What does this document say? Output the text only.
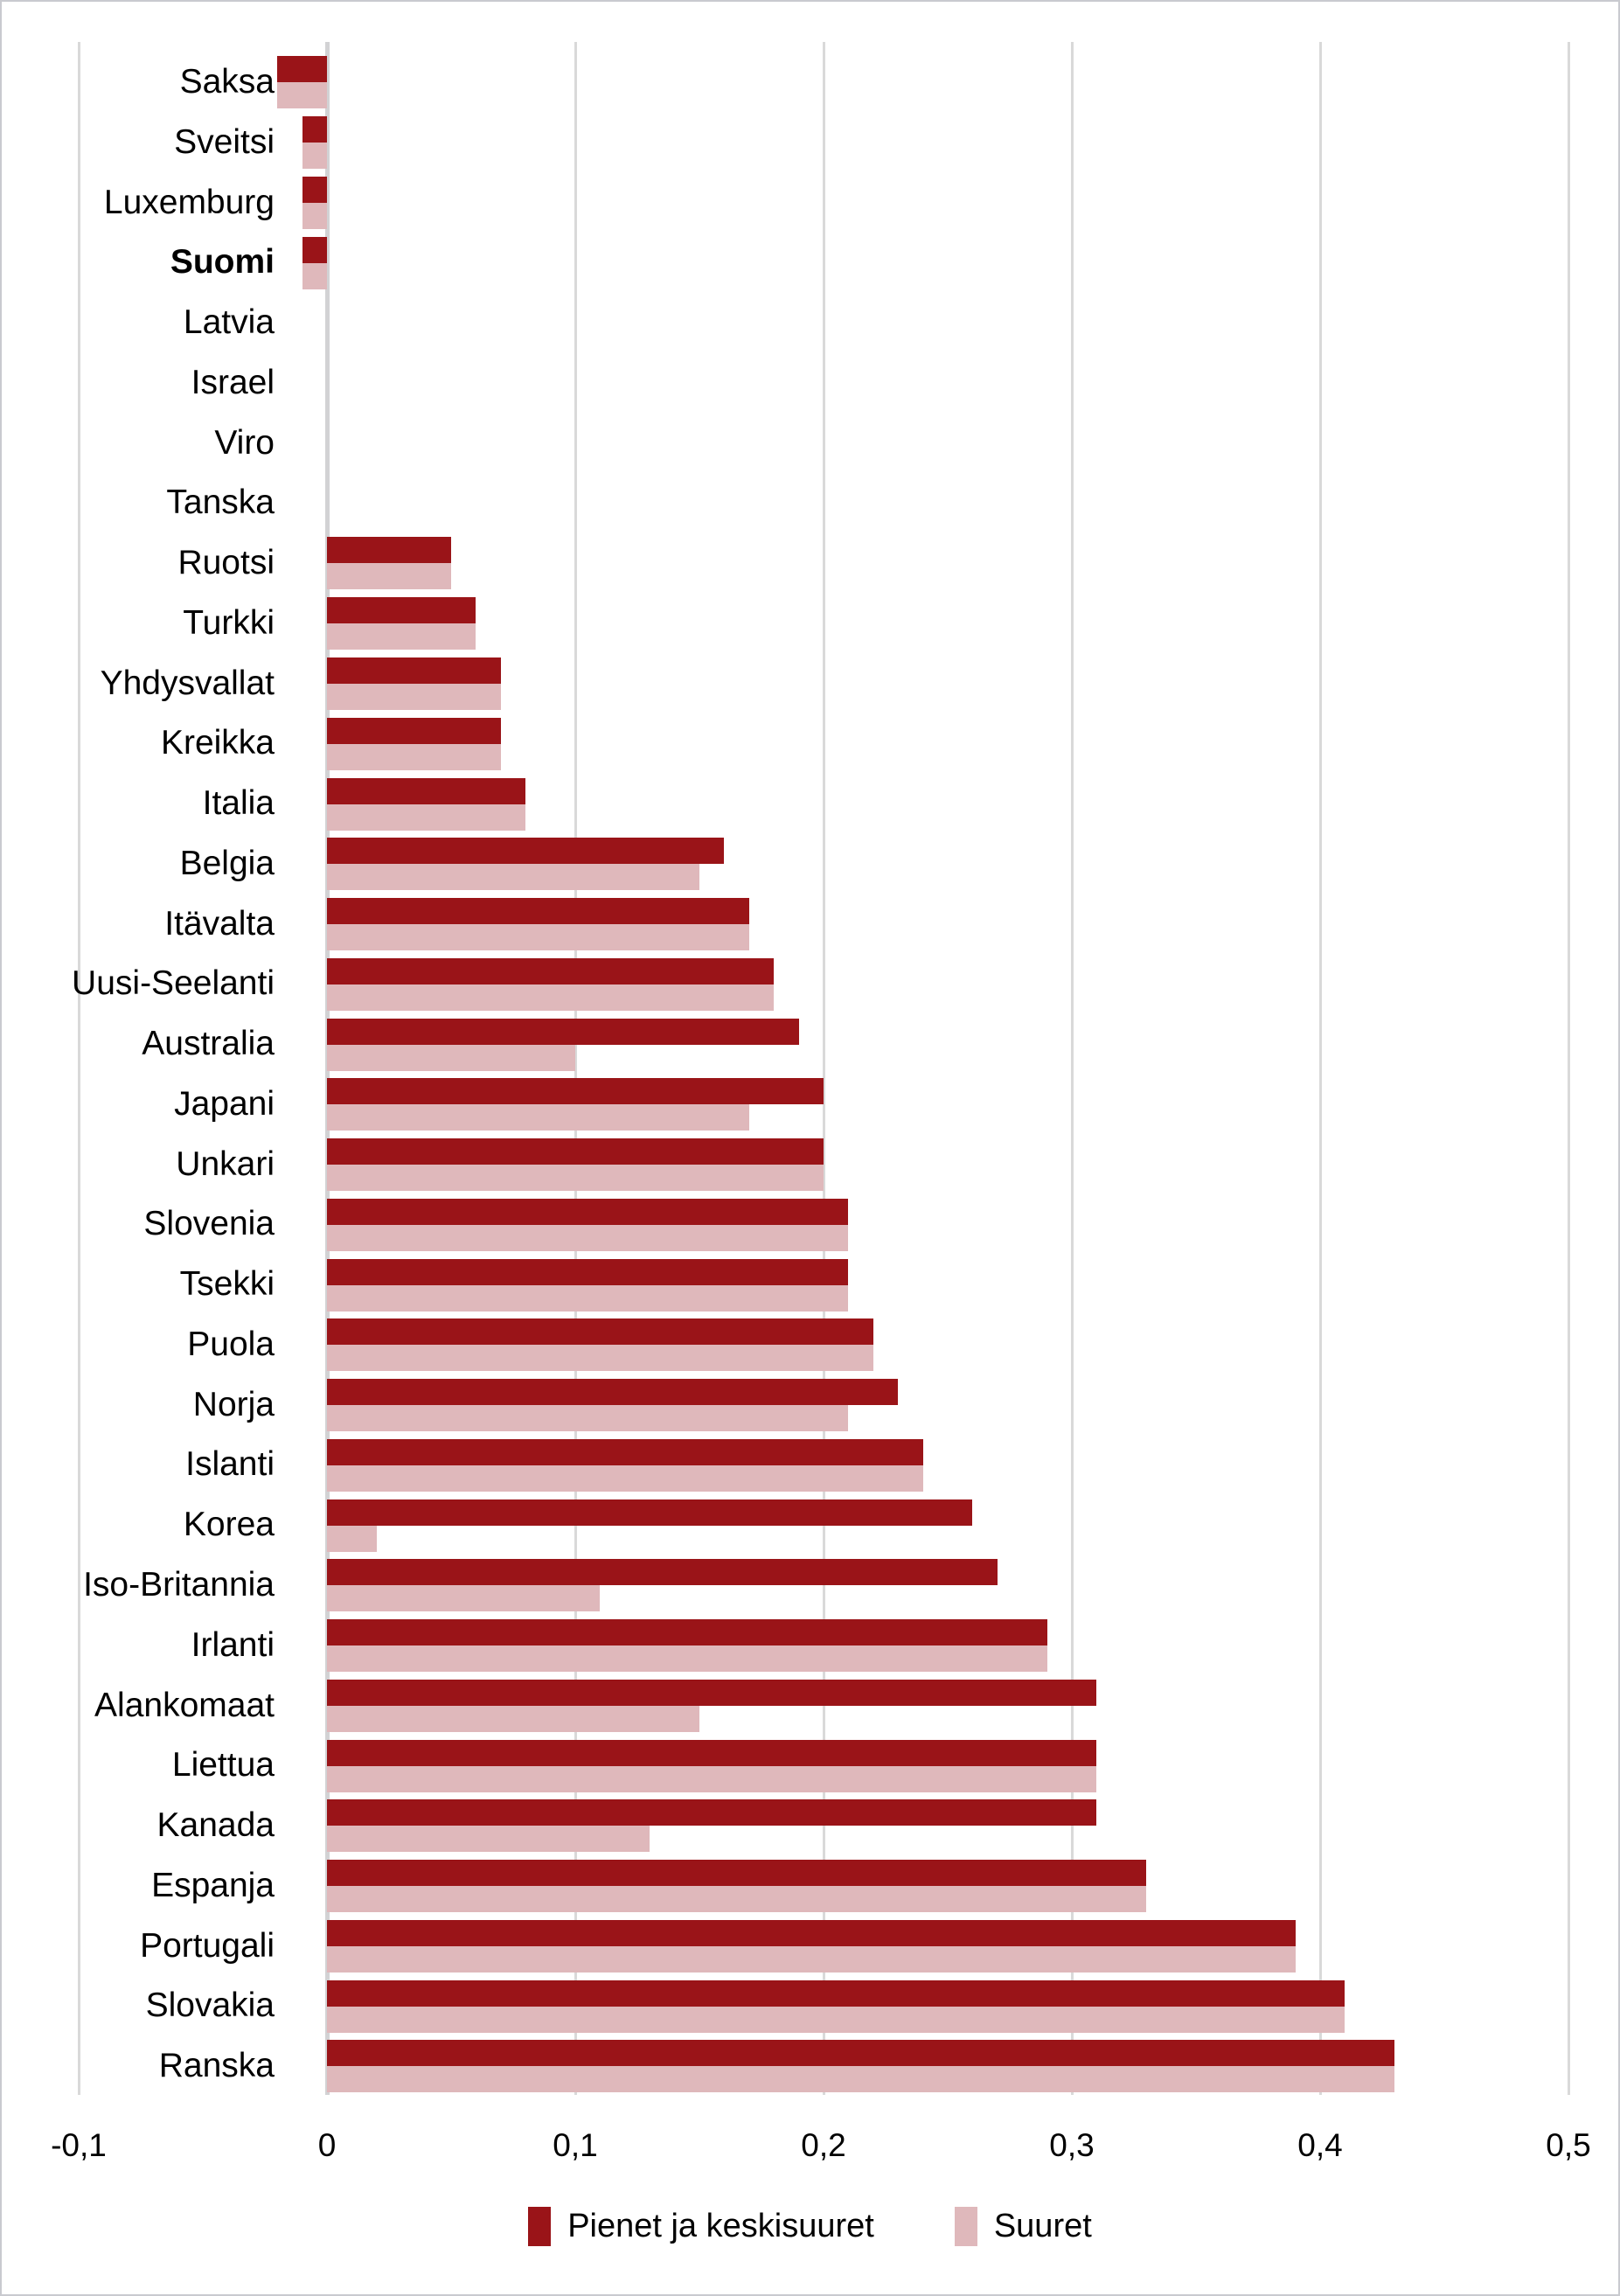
Saksa
Sveitsi
Luxemburg
Suomi
Latvia
Israel
Viro
Tanska
Ruotsi
Turkki
Yhdysvallat
Kreikka
Italia
Belgia
Itävalta
Uusi-Seelanti
Australia
Japani
Unkari
Slovenia
Tsekki
Puola
Norja
Islanti
Korea
Iso-Britannia
Irlanti
Alankomaat
Liettua
Kanada
Espanja
Portugali
Slovakia
Ranska
-0,1	0	0,1	0,2	0,3	0,4	0,5
Pienet ja keskisuuret	Suuret
